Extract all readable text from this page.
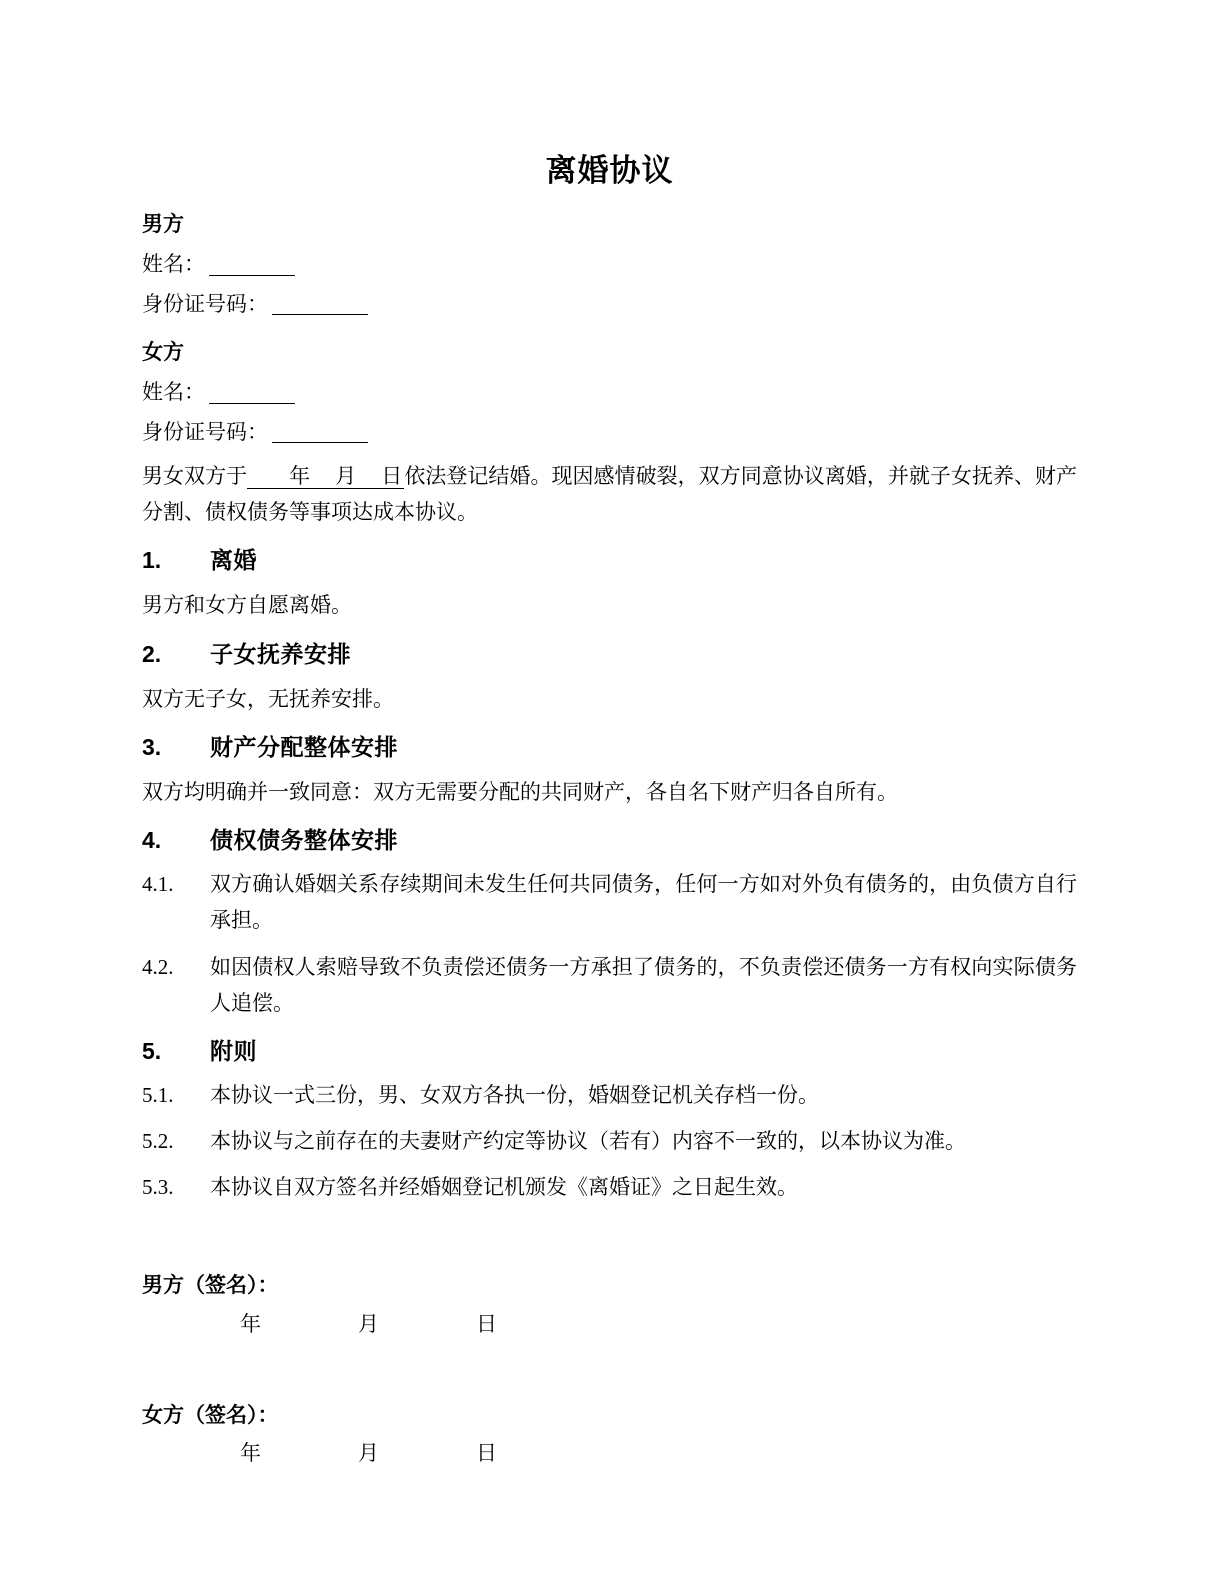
离婚协议

男方

姓名：

身份证号码：

女方

姓名：

身份证号码：

男女双方于 年 月 日依法登记结婚。现因感情破裂，双方同意协议离婚，并就子女抚养、财产分割、债权债务等事项达成本协议。

1.	离婚

男方和女方自愿离婚。

2.	子女抚养安排

双方无子女，无抚养安排。

3.	财产分配整体安排

双方均明确并一致同意：双方无需要分配的共同财产，各自名下财产归各自所有。

4.	债权债务整体安排
4.1.	双方确认婚姻关系存续期间未发生任何共同债务，任何一方如对外负有债务的，由负债方自行承担。
4.2.	如因债权人索赔导致不负责偿还债务一方承担了债务的，不负责偿还债务一方有权向实际债务人追偿。
5.	附则
5.1.	本协议一式三份，男、女双方各执一份，婚姻登记机关存档一份。
5.2.	本协议与之前存在的夫妻财产约定等协议（若有）内容不一致的，以本协议为准。
5.3.	本协议自双方签名并经婚姻登记机颁发《离婚证》之日起生效。

男方（签名）：

年	月	日

女方（签名）：

年	月	日
